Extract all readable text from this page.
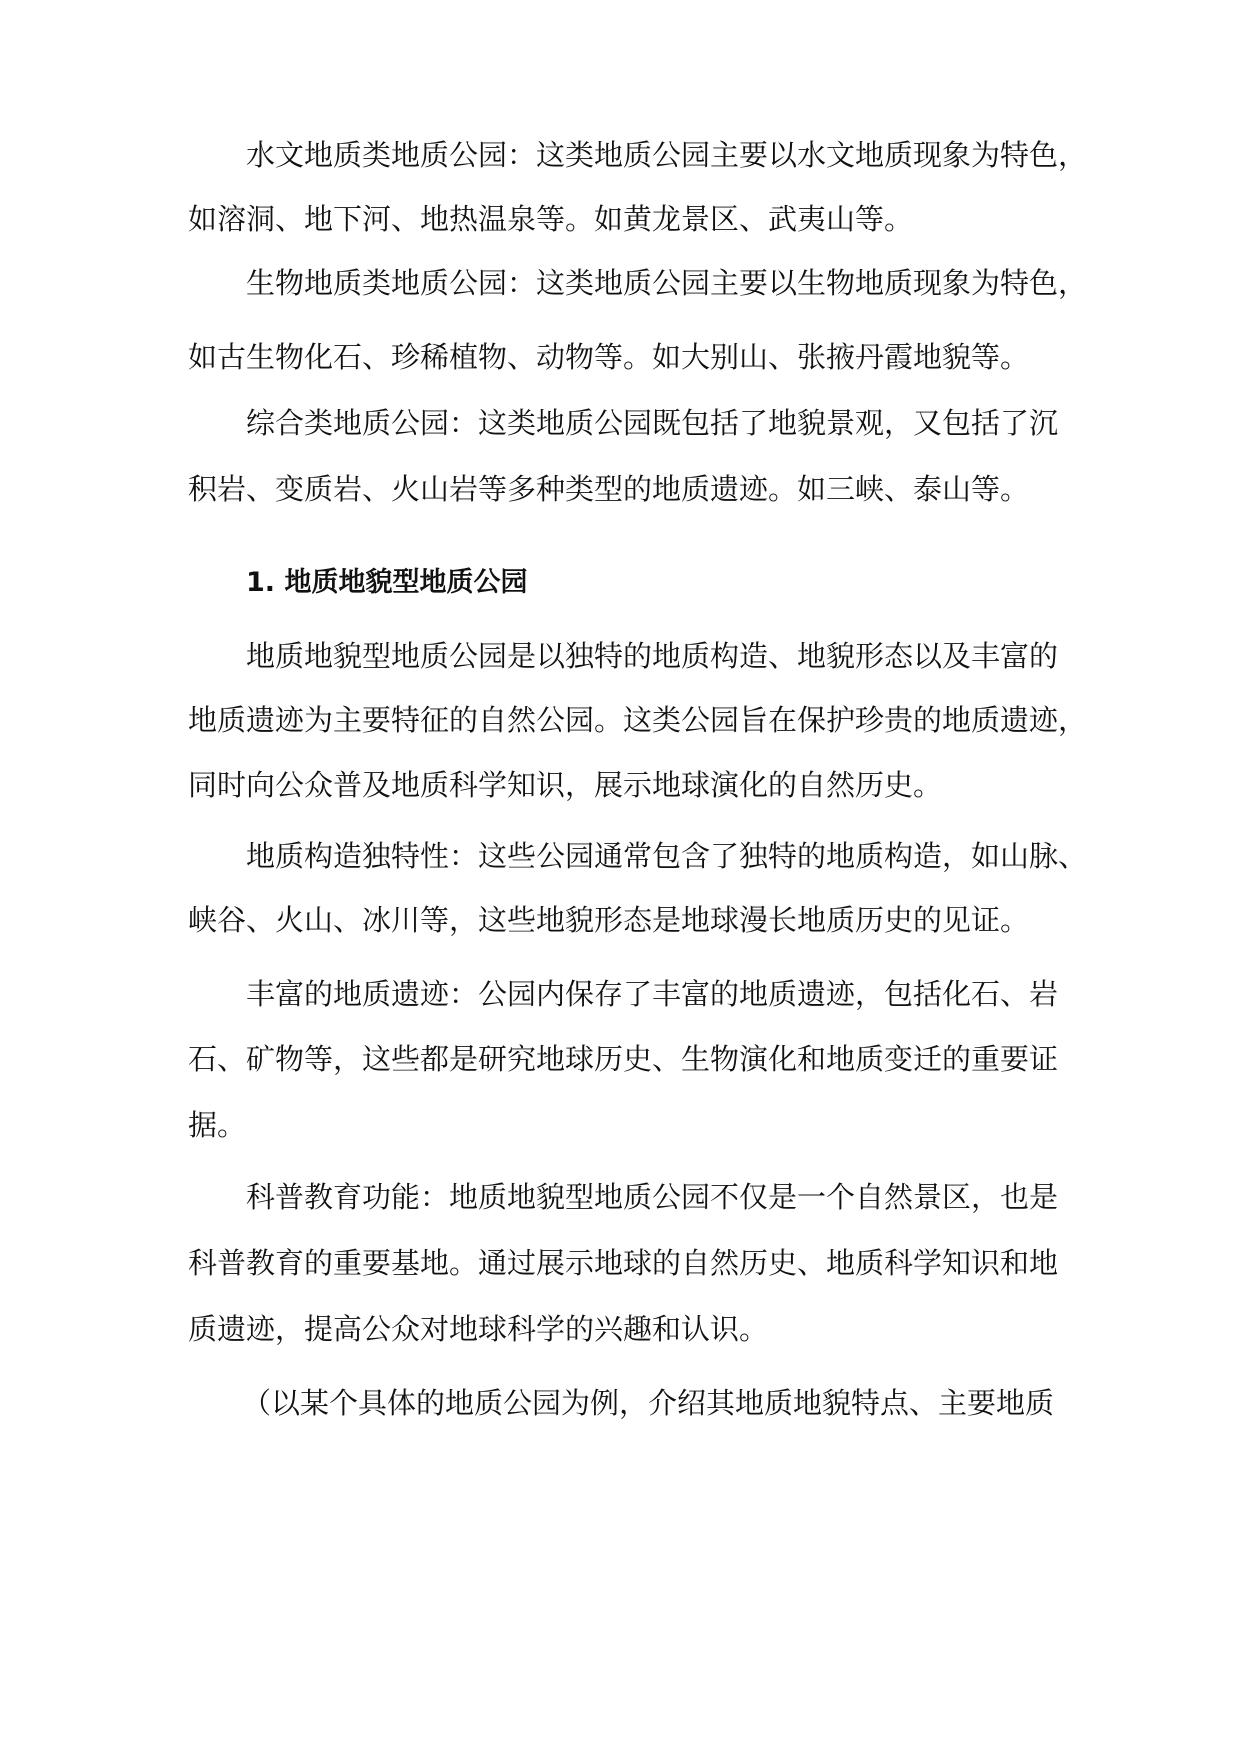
水文地质类地质公园：这类地质公园主要以水文地质现象为特色，
如溶洞、地下河、地热温泉等。如黄龙景区、武夷山等。
生物地质类地质公园：这类地质公园主要以生物地质现象为特色，
如古生物化石、珍稀植物、动物等。如大别山、张掖丹霞地貌等。
综合类地质公园：这类地质公园既包括了地貌景观，又包括了沉
积岩、变质岩、火山岩等多种类型的地质遗迹。如三峡、泰山等。
1. 地质地貌型地质公园
地质地貌型地质公园是以独特的地质构造、地貌形态以及丰富的
地质遗迹为主要特征的自然公园。这类公园旨在保护珍贵的地质遗迹，
同时向公众普及地质科学知识，展示地球演化的自然历史。
地质构造独特性：这些公园通常包含了独特的地质构造，如山脉、
峡谷、火山、冰川等，这些地貌形态是地球漫长地质历史的见证。
丰富的地质遗迹：公园内保存了丰富的地质遗迹，包括化石、岩
石、矿物等，这些都是研究地球历史、生物演化和地质变迁的重要证
据。
科普教育功能：地质地貌型地质公园不仅是一个自然景区，也是
科普教育的重要基地。通过展示地球的自然历史、地质科学知识和地
质遗迹，提高公众对地球科学的兴趣和认识。
（以某个具体的地质公园为例，介绍其地质地貌特点、主要地质
